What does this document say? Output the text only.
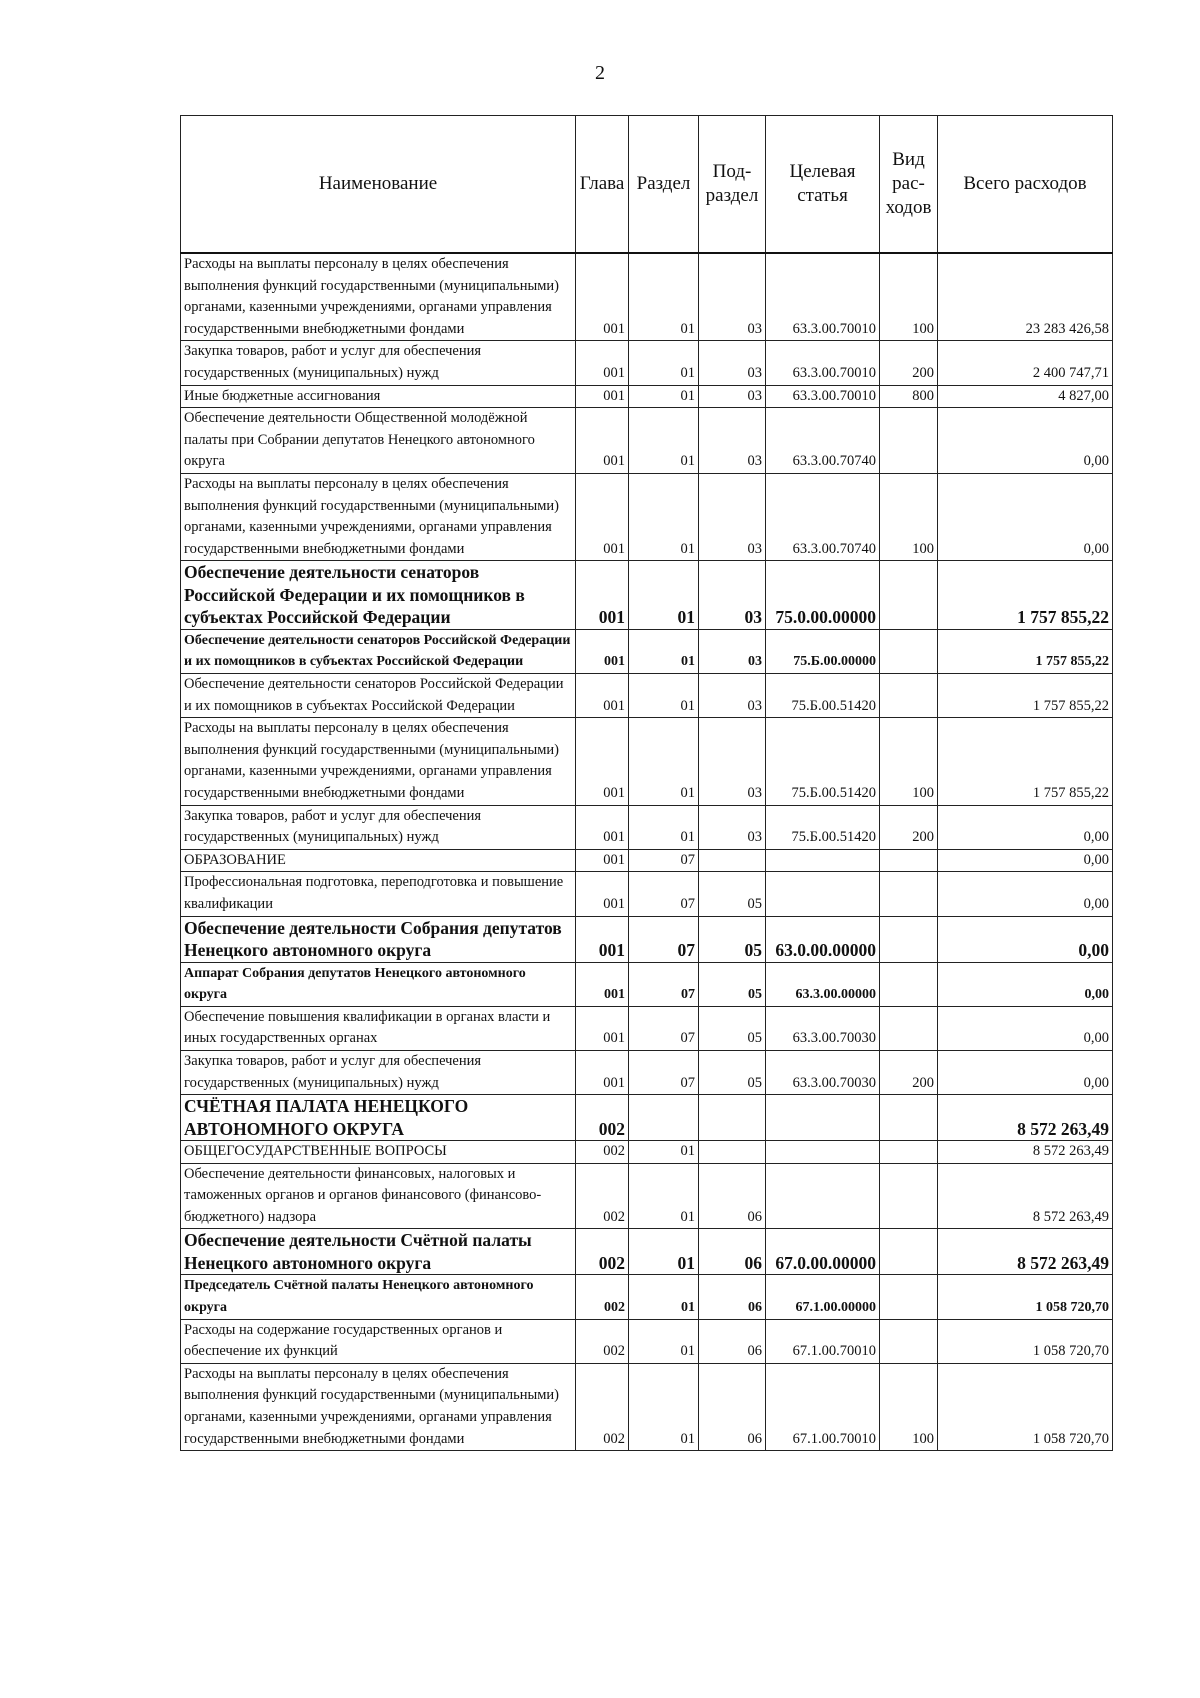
2
Наименование	Глава	Раздел	Под-раздел	Целевая статья	Вид рас-ходов	Всего расходов
Расходы на выплаты персоналу в целях обеспечения выполнения функций государственными (муниципальными) органами, казенными учреждениями, органами управления государственными внебюджетными фондами	001	01	03	63.3.00.70010	100	23 283 426,58
Закупка товаров, работ и услуг для обеспечения государственных (муниципальных) нужд	001	01	03	63.3.00.70010	200	2 400 747,71
Иные бюджетные ассигнования	001	01	03	63.3.00.70010	800	4 827,00
Обеспечение деятельности Общественной молодёжной палаты при Собрании депутатов Ненецкого автономного округа	001	01	03	63.3.00.70740		0,00
Расходы на выплаты персоналу в целях обеспечения выполнения функций государственными (муниципальными) органами, казенными учреждениями, органами управления государственными внебюджетными фондами	001	01	03	63.3.00.70740	100	0,00
Обеспечение деятельности сенаторов Российской Федерации и их помощников в субъектах Российской Федерации	001	01	03	75.0.00.00000		1 757 855,22
Обеспечение деятельности сенаторов Российской Федерации и их помощников в субъектах Российской Федерации	001	01	03	75.Б.00.00000		1 757 855,22
Обеспечение деятельности сенаторов Российской Федерации и их помощников в субъектах Российской Федерации	001	01	03	75.Б.00.51420		1 757 855,22
Расходы на выплаты персоналу в целях обеспечения выполнения функций государственными (муниципальными) органами, казенными учреждениями, органами управления государственными внебюджетными фондами	001	01	03	75.Б.00.51420	100	1 757 855,22
Закупка товаров, работ и услуг для обеспечения государственных (муниципальных) нужд	001	01	03	75.Б.00.51420	200	0,00
ОБРАЗОВАНИЕ	001	07				0,00
Профессиональная подготовка, переподготовка и повышение квалификации	001	07	05			0,00
Обеспечение деятельности Собрания депутатов Ненецкого автономного округа	001	07	05	63.0.00.00000		0,00
Аппарат Собрания депутатов Ненецкого автономного округа	001	07	05	63.3.00.00000		0,00
Обеспечение повышения квалификации в органах власти и иных государственных органах	001	07	05	63.3.00.70030		0,00
Закупка товаров, работ и услуг для обеспечения государственных (муниципальных) нужд	001	07	05	63.3.00.70030	200	0,00
СЧЁТНАЯ ПАЛАТА НЕНЕЦКОГО АВТОНОМНОГО ОКРУГА	002					8 572 263,49
ОБЩЕГОСУДАРСТВЕННЫЕ ВОПРОСЫ	002	01				8 572 263,49
Обеспечение деятельности финансовых, налоговых и таможенных органов и органов финансового (финансово-бюджетного) надзора	002	01	06			8 572 263,49
Обеспечение деятельности Счётной палаты Ненецкого автономного округа	002	01	06	67.0.00.00000		8 572 263,49
Председатель Счётной палаты Ненецкого автономного округа	002	01	06	67.1.00.00000		1 058 720,70
Расходы на содержание государственных органов и обеспечение их функций	002	01	06	67.1.00.70010		1 058 720,70
Расходы на выплаты персоналу в целях обеспечения выполнения функций государственными (муниципальными) органами, казенными учреждениями, органами управления государственными внебюджетными фондами	002	01	06	67.1.00.70010	100	1 058 720,70
